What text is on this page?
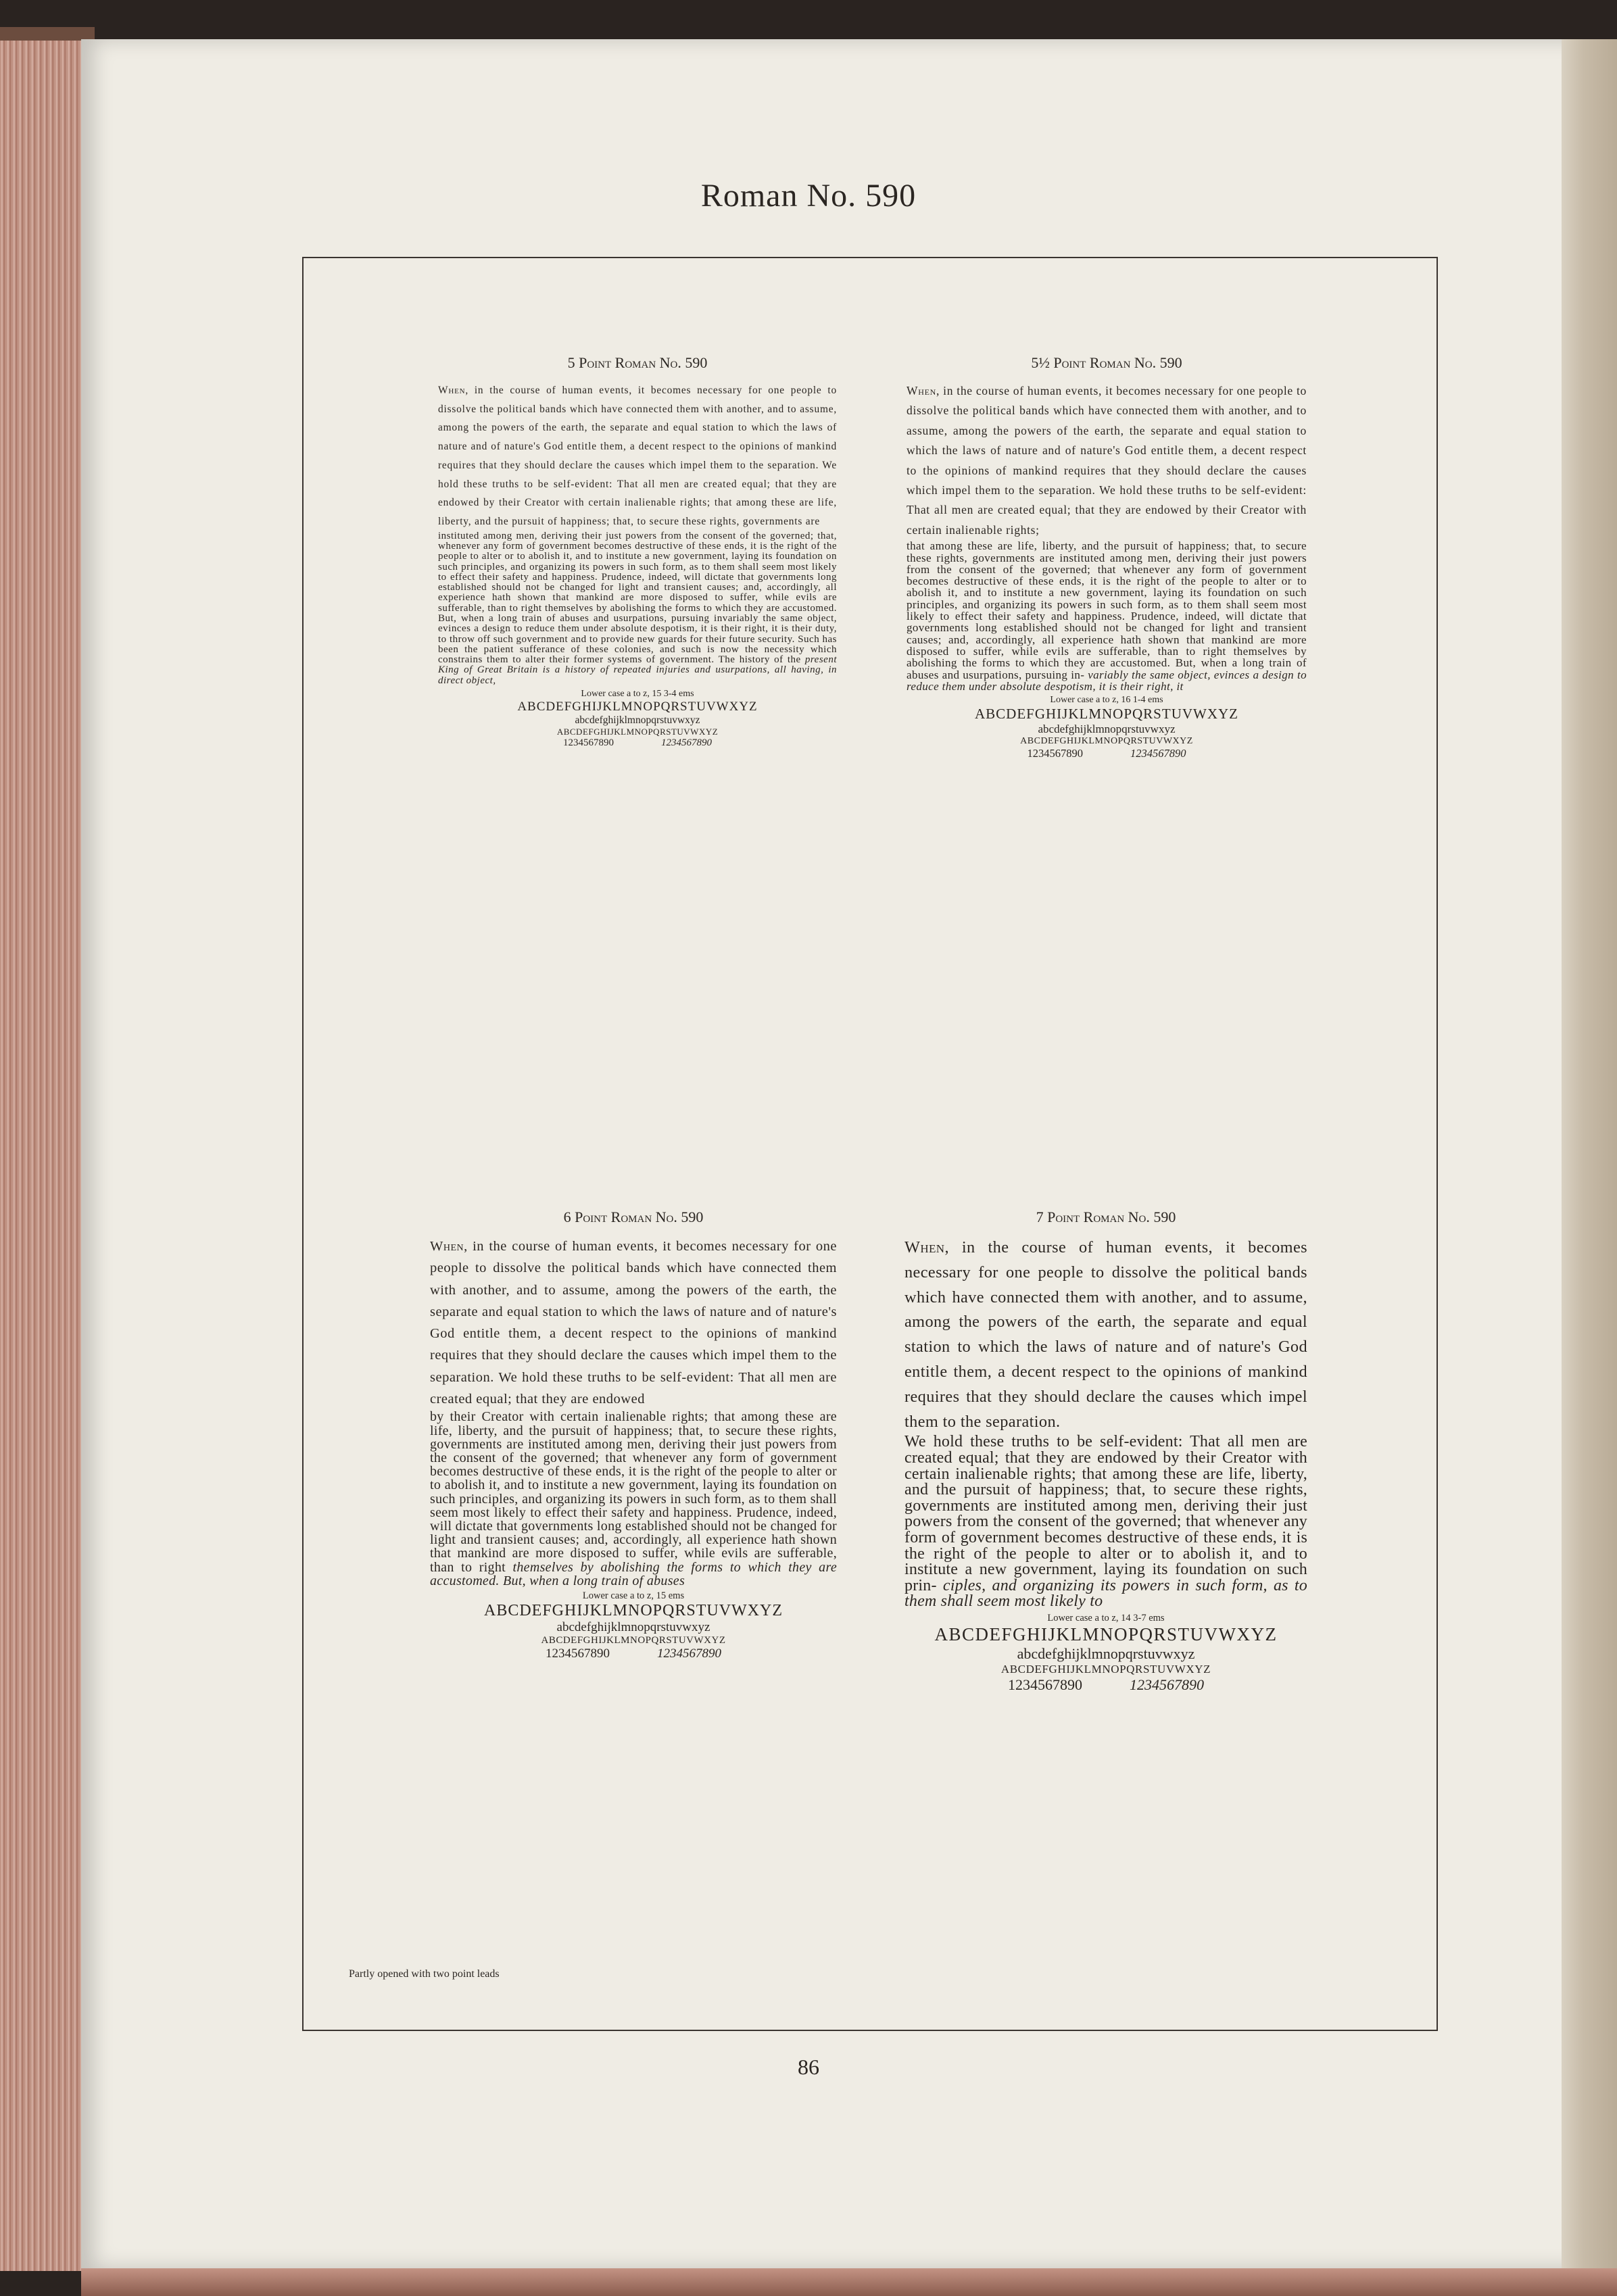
Roman No. 590
5 Point Roman No. 590
When, in the course of human events, it becomes necessary for one people to dissolve the political bands which have connected them with another, and to assume, among the powers of the earth, the separate and equal station to which the laws of nature and of nature's God entitle them, a decent respect to the opinions of mankind requires that they should declare the causes which impel them to the separation. We hold these truths to be self-evident: That all men are created equal; that they are endowed by their Creator with certain inalienable rights; that among these are life, liberty, and the pursuit of happiness; that, to secure these rights, governments are
instituted among men, deriving their just powers from the consent of the governed; that, whenever any form of government becomes destructive of these ends, it is the right of the people to alter or to abolish it, and to institute a new government, laying its foundation on such principles, and organizing its powers in such form, as to them shall seem most likely to effect their safety and happiness. Prudence, indeed, will dictate that governments long established should not be changed for light and transient causes; and, accordingly, all experience hath shown that mankind are more disposed to suffer, while evils are sufferable, than to right themselves by abolishing the forms to which they are accustomed. But, when a long train of abuses and usurpations, pursuing invariably the same object, evinces a design to reduce them under absolute despotism, it is their right, it is their duty, to throw off such government and to provide new guards for their future security. Such has been the patient sufferance of these colonies, and such is now the necessity which constrains them to alter their former systems of government. The history of the present King of Great Britain is a history of repeated injuries and usurpations, all having, in direct object,
Lower case a to z, 15 3-4 ems
ABCDEFGHIJKLMNOPQRSTUVWXYZ
abcdefghijklmnopqrstuvwxyz
ABCDEFGHIJKLMNOPQRSTUVWXYZ
1234567890	1234567890
5½ Point Roman No. 590
When, in the course of human events, it becomes necessary for one people to dissolve the political bands which have connected them with another, and to assume, among the powers of the earth, the separate and equal station to which the laws of nature and of nature's God entitle them, a decent respect to the opinions of mankind requires that they should declare the causes which impel them to the separation. We hold these truths to be self-evident: That all men are created equal; that they are endowed by their Creator with certain inalienable rights;
that among these are life, liberty, and the pursuit of happiness; that, to secure these rights, governments are instituted among men, deriving their just powers from the consent of the governed; that whenever any form of government becomes destructive of these ends, it is the right of the people to alter or to abolish it, and to institute a new government, laying its foundation on such principles, and organizing its powers in such form, as to them shall seem most likely to effect their safety and happiness. Prudence, indeed, will dictate that governments long established should not be changed for light and transient causes; and, accordingly, all experience hath shown that mankind are more disposed to suffer, while evils are sufferable, than to right themselves by abolishing the forms to which they are accustomed. But, when a long train of abuses and usurpations, pursuing in- variably the same object, evinces a design to reduce them under absolute despotism, it is their right, it
Lower case a to z, 16 1-4 ems
ABCDEFGHIJKLMNOPQRSTUVWXYZ
abcdefghijklmnopqrstuvwxyz
ABCDEFGHIJKLMNOPQRSTUVWXYZ
1234567890	1234567890
6 Point Roman No. 590
When, in the course of human events, it becomes necessary for one people to dissolve the political bands which have connected them with another, and to assume, among the powers of the earth, the separate and equal station to which the laws of nature and of nature's God entitle them, a decent respect to the opinions of mankind requires that they should declare the causes which impel them to the separation. We hold these truths to be self-evident: That all men are created equal; that they are endowed
by their Creator with certain inalienable rights; that among these are life, liberty, and the pursuit of happiness; that, to secure these rights, governments are instituted among men, deriving their just powers from the consent of the governed; that whenever any form of government becomes destructive of these ends, it is the right of the people to alter or to abolish it, and to institute a new government, laying its foundation on such principles, and organizing its powers in such form, as to them shall seem most likely to effect their safety and happiness. Prudence, indeed, will dictate that governments long established should not be changed for light and transient causes; and, accordingly, all experience hath shown that mankind are more disposed to suffer, while evils are sufferable, than to right themselves by abolishing the forms to which they are accustomed. But, when a long train of abuses
Lower case a to z, 15 ems
ABCDEFGHIJKLMNOPQRSTUVWXYZ
abcdefghijklmnopqrstuvwxyz
ABCDEFGHIJKLMNOPQRSTUVWXYZ
1234567890	1234567890
7 Point Roman No. 590
When, in the course of human events, it becomes necessary for one people to dissolve the political bands which have connected them with another, and to assume, among the powers of the earth, the separate and equal station to which the laws of nature and of nature's God entitle them, a decent respect to the opinions of mankind requires that they should declare the causes which impel them to the separation.
We hold these truths to be self-evident: That all men are created equal; that they are endowed by their Creator with certain inalienable rights; that among these are life, liberty, and the pursuit of happiness; that, to secure these rights, governments are instituted among men, deriving their just powers from the consent of the governed; that whenever any form of government becomes destructive of these ends, it is the right of the people to alter or to abolish it, and to institute a new government, laying its foundation on such prin- ciples, and organizing its powers in such form, as to them shall seem most likely to
Lower case a to z, 14 3-7 ems
ABCDEFGHIJKLMNOPQRSTUVWXYZ
abcdefghijklmnopqrstuvwxyz
ABCDEFGHIJKLMNOPQRSTUVWXYZ
1234567890	1234567890
Partly opened with two point leads
86
